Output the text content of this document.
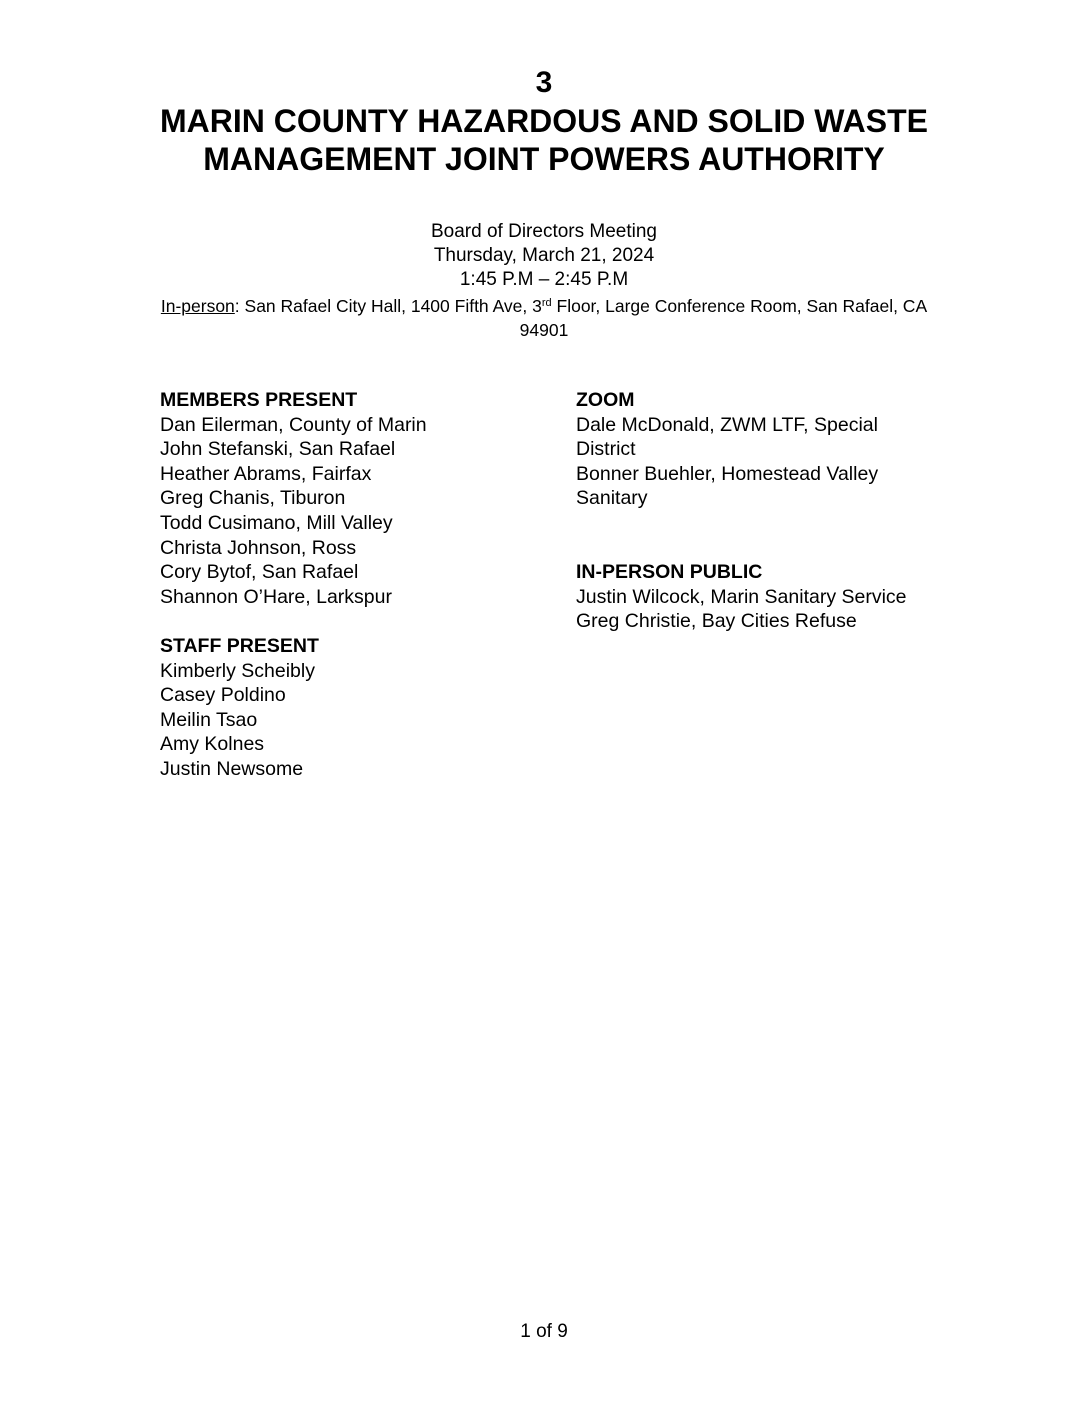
3
MARIN COUNTY HAZARDOUS AND SOLID WASTE
MANAGEMENT JOINT POWERS AUTHORITY
Board of Directors Meeting
Thursday, March 21, 2024
1:45 P.M – 2:45 P.M
In-person: San Rafael City Hall, 1400 Fifth Ave, 3rd Floor, Large Conference Room, San Rafael, CA 94901
MEMBERS PRESENT
Dan Eilerman, County of Marin
John Stefanski, San Rafael
Heather Abrams, Fairfax
Greg Chanis, Tiburon
Todd Cusimano, Mill Valley
Christa Johnson, Ross
Cory Bytof, San Rafael
Shannon O’Hare, Larkspur
STAFF PRESENT
Kimberly Scheibly
Casey Poldino
Meilin Tsao
Amy Kolnes
Justin Newsome
ZOOM
Dale McDonald, ZWM LTF, Special District
Bonner Buehler, Homestead Valley Sanitary
IN-PERSON PUBLIC
Justin Wilcock, Marin Sanitary Service
Greg Christie, Bay Cities Refuse
1 of 9
